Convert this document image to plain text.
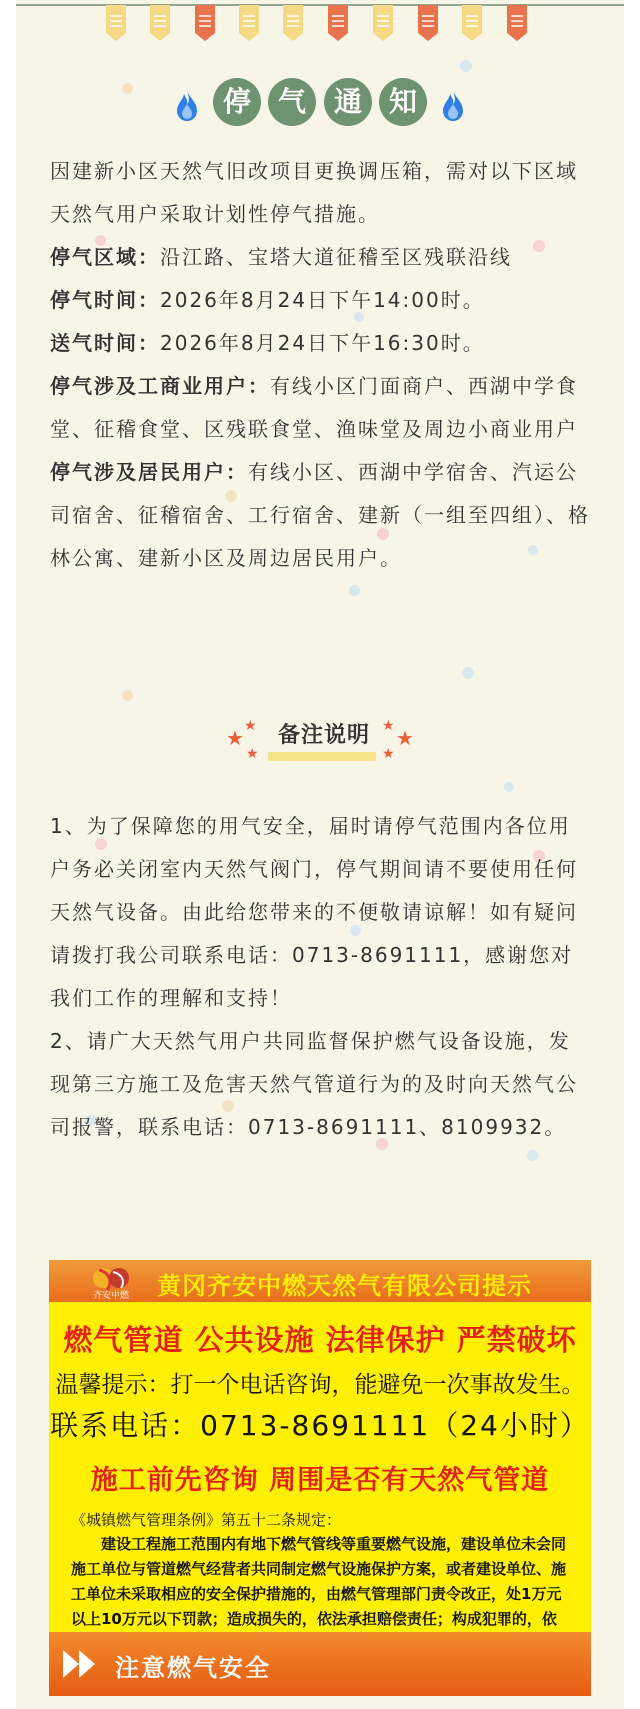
停 气 通 知

因建新小区天然气旧改项目更换调压箱，需对以下区域天然气用户采取计划性停气措施。

停气区域：沿江路、宝塔大道征稽至区残联沿线

停气时间：2026年8月24日下午14:00时。

送气时间：2026年8月24日下午16:30时。

停气涉及工商业用户：有线小区门面商户、西湖中学食堂、征稽食堂、区残联食堂、渔味堂及周边小商业用户

停气涉及居民用户：有线小区、西湖中学宿舍、汽运公司宿舍、征稽宿舍、工行宿舍、建新（一组至四组）、格林公寓、建新小区及周边居民用户。

★ ★
★
备注说明 ★ ★
★

1、为了保障您的用气安全，届时请停气范围内各位用户务必关闭室内天然气阀门，停气期间请不要使用任何天然气设备。由此给您带来的不便敬请谅解！如有疑问请拨打我公司联系电话：0713-8691111，感谢您对我们工作的理解和支持！

2、请广大天然气用户共同监督保护燃气设备设施，发现第三方施工及危害天然气管道行为的及时向天然气公司报警，联系电话：0713-8691111、8109932。

齐安中燃	黄冈齐安中燃天然气有限公司提示
燃气管道 公共设施 法律保护 严禁破坏
温馨提示：打一个电话咨询，能避免一次事故发生。
联系电话：0713-8691111（24小时）
施工前先咨询 周围是否有天然气管道
《城镇燃气管理条例》第五十二条规定：
建设工程施工范围内有地下燃气管线等重要燃气设施，建设单位未会同施工单位与管道燃气经营者共同制定燃气设施保护方案，或者建设单位、施工单位未采取相应的安全保护措施的，由燃气管理部门责令改正，处1万元以上10万元以下罚款；造成损失的，依法承担赔偿责任；构成犯罪的，依
注意燃气安全
